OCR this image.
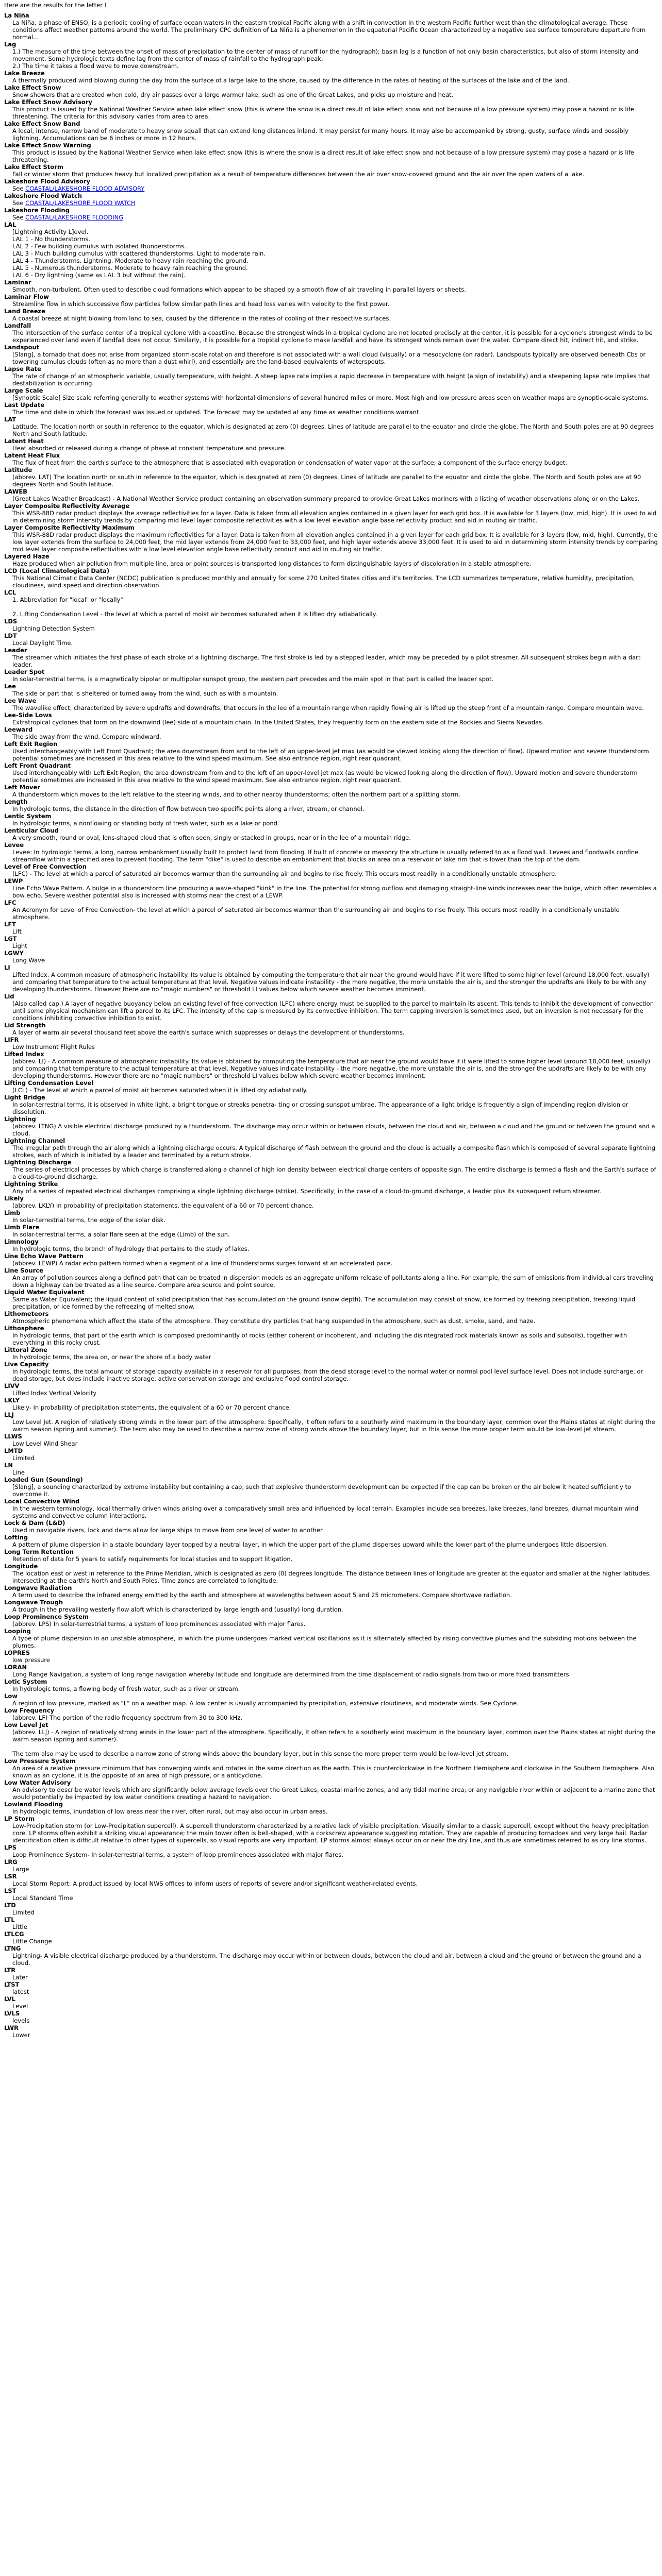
Here are the results for the letter l

La Niña
La Niña, a phase of ENSO, is a periodic cooling of surface ocean waters in the eastern tropical Pacific along with a shift in convection in the western Pacific further west than the climatological average. These conditions affect weather patterns around the world. The preliminary CPC definition of La Niña is a phenomenon in the equatorial Pacific Ocean characterized by a negative sea surface temperature departure from normal...
Lag
1.) The measure of the time between the onset of mass of precipitation to the center of mass of runoff (or the hydrograph); basin lag is a function of not only basin characteristics, but also of storm intensity and movement. Some hydrologic texts define lag from the center of mass of rainfall to the hydrograph peak.
2.) The time it takes a flood wave to move downstream.
Lake Breeze
A thermally produced wind blowing during the day from the surface of a large lake to the shore, caused by the difference in the rates of heating of the surfaces of the lake and of the land.
Lake Effect Snow
Snow showers that are created when cold, dry air passes over a large warmer lake, such as one of the Great Lakes, and picks up moisture and heat.
Lake Effect Snow Advisory
This product is issued by the National Weather Service when lake effect snow (this is where the snow is a direct result of lake effect snow and not because of a low pressure system) may pose a hazard or is life threatening. The criteria for this advisory varies from area to area.
Lake Effect Snow Band
A local, intense, narrow band of moderate to heavy snow squall that can extend long distances inland. It may persist for many hours. It may also be accompanied by strong, gusty, surface winds and possibly lightning. Accumulations can be 6 inches or more in 12 hours.
Lake Effect Snow Warning
This product is issued by the National Weather Service when lake effect snow (this is where the snow is a direct result of lake effect snow and not because of a low pressure system) may pose a hazard or is life threatening.
Lake Effect Storm
Fall or winter storm that produces heavy but localized precipitation as a result of temperature differences between the air over snow-covered ground and the air over the open waters of a lake.
Lakeshore Flood Advisory
See COASTAL/LAKESHORE FLOOD ADVISORY
Lakeshore Flood Watch
See COASTAL/LAKESHORE FLOOD WATCH
Lakeshore Flooding
See COASTAL/LAKESHORE FLOODING
LAL
[Lightning Activity L]evel.
LAL 1 - No thunderstorms.
LAL 2 - Few building cumulus with isolated thunderstorms.
LAL 3 - Much building cumulus with scattered thunderstorms. Light to moderate rain.
LAL 4 - Thunderstorms. Lightning. Moderate to heavy rain reaching the ground.
LAL 5 - Numerous thunderstorms. Moderate to heavy rain reaching the ground.
LAL 6 - Dry lightning (same as LAL 3 but without the rain).
Laminar
Smooth, non-turbulent. Often used to describe cloud formations which appear to be shaped by a smooth flow of air traveling in parallel layers or sheets.
Laminar Flow
Streamline flow in which successive flow particles follow similar path lines and head loss varies with velocity to the first power.
Land Breeze
A coastal breeze at night blowing from land to sea, caused by the difference in the rates of cooling of their respective surfaces.
Landfall
The intersection of the surface center of a tropical cyclone with a coastline. Because the strongest winds in a tropical cyclone are not located precisely at the center, it is possible for a cyclone's strongest winds to be experienced over land even if landfall does not occur. Similarly, it is possible for a tropical cyclone to make landfall and have its strongest winds remain over the water. Compare direct hit, indirect hit, and strike.
Landspout
[Slang], a tornado that does not arise from organized storm-scale rotation and therefore is not associated with a wall cloud (visually) or a mesocyclone (on radar). Landspouts typically are observed beneath Cbs or towering cumulus clouds (often as no more than a dust whirl), and essentially are the land-based equivalents of waterspouts.
Lapse Rate
The rate of change of an atmospheric variable, usually temperature, with height. A steep lapse rate implies a rapid decrease in temperature with height (a sign of instability) and a steepening lapse rate implies that destabilization is occurring.
Large Scale
[Synoptic Scale] Size scale referring generally to weather systems with horizontal dimensions of several hundred miles or more. Most high and low pressure areas seen on weather maps are synoptic-scale systems.
Last Update
The time and date in which the forecast was issued or updated. The forecast may be updated at any time as weather conditions warrant.
LAT
Latitude. The location north or south in reference to the equator, which is designated at zero (0) degrees. Lines of latitude are parallel to the equator and circle the globe. The North and South poles are at 90 degrees North and South latitude.
Latent Heat
Heat absorbed or released during a change of phase at constant temperature and pressure.
Latent Heat Flux
The flux of heat from the earth's surface to the atmosphere that is associated with evaporation or condensation of water vapor at the surface; a component of the surface energy budget.
Latitude
(abbrev. LAT) The location north or south in reference to the equator, which is designated at zero (0) degrees. Lines of latitude are parallel to the equator and circle the globe. The North and South poles are at 90 degrees North and South latitude.
LAWEB
(Great Lakes Weather Broadcast) - A National Weather Service product containing an observation summary prepared to provide Great Lakes mariners with a listing of weather observations along or on the Lakes.
Layer Composite Reflectivity Average
This WSR-88D radar product displays the average reflectivities for a layer. Data is taken from all elevation angles contained in a given layer for each grid box. It is available for 3 layers (low, mid, high). It is used to aid in determining storm intensity trends by comparing mid level layer composite reflectivities with a low level elevation angle base reflectivity product and aid in routing air traffic.
Layer Composite Reflectivity Maximum
This WSR-88D radar product displays the maximum reflectivities for a layer. Data is taken from all elevation angles contained in a given layer for each grid box. It is available for 3 layers (low, mid, high). Currently, the low layer extends from the surface to 24,000 feet, the mid layer extends from 24,000 feet to 33,000 feet, and high layer extends above 33,000 feet. It is used to aid in determining storm intensity trends by comparing mid level layer composite reflectivities with a low level elevation angle base reflectivity product and aid in routing air traffic.
Layered Haze
Haze produced when air pollution from multiple line, area or point sources is transported long distances to form distinguishable layers of discoloration in a stable atmosphere.
LCD (Local Climatological Data)
This National Climatic Data Center (NCDC) publication is produced monthly and annually for some 270 United States cities and it's territories. The LCD summarizes temperature, relative humidity, precipitation, cloudiness, wind speed and direction observation.
LCL
1. Abbreviation for "local" or "locally"

2. Lifting Condensation Level - the level at which a parcel of moist air becomes saturated when it is lifted dry adiabatically.
LDS
Lightning Detection System
LDT
Local Daylight Time.
Leader
The streamer which initiates the first phase of each stroke of a lightning discharge. The first stroke is led by a stepped leader, which may be preceded by a pilot streamer. All subsequent strokes begin with a dart leader.
Leader Spot
In solar-terrestrial terms, is a magnetically bipolar or multipolar sunspot group, the western part precedes and the main spot in that part is called the leader spot.
Lee
The side or part that is sheltered or turned away from the wind, such as with a mountain.
Lee Wave
The wavelike effect, characterized by severe updrafts and downdrafts, that occurs in the lee of a mountain range when rapidly flowing air is lifted up the steep front of a mountain range. Compare mountain wave.
Lee-Side Lows
Extratropical cyclones that form on the downwind (lee) side of a mountain chain. In the United States, they frequently form on the eastern side of the Rockies and Sierra Nevadas.
Leeward
The side away from the wind. Compare windward.
Left Exit Region
Used interchangeably with Left Front Quadrant; the area downstream from and to the left of an upper-level jet max (as would be viewed looking along the direction of flow). Upward motion and severe thunderstorm potential sometimes are increased in this area relative to the wind speed maximum. See also entrance region, right rear quadrant.
Left Front Quadrant
Used interchangeably with Left Exit Region; the area downstream from and to the left of an upper-level jet max (as would be viewed looking along the direction of flow). Upward motion and severe thunderstorm potential sometimes are increased in this area relative to the wind speed maximum. See also entrance region, right rear quadrant.
Left Mover
A thunderstorm which moves to the left relative to the steering winds, and to other nearby thunderstorms; often the northern part of a splitting storm.
Length
In hydrologic terms, the distance in the direction of flow between two specific points along a river, stream, or channel.
Lentic System
In hydrologic terms, a nonflowing or standing body of fresh water, such as a lake or pond
Lenticular Cloud
A very smooth, round or oval, lens-shaped cloud that is often seen, singly or stacked in groups, near or in the lee of a mountain ridge.
Levee
Levee: In hydrologic terms, a long, narrow embankment usually built to protect land from flooding. If built of concrete or masonry the structure is usually referred to as a flood wall. Levees and floodwalls confine streamflow within a specified area to prevent flooding. The term "dike" is used to describe an embankment that blocks an area on a reservoir or lake rim that is lower than the top of the dam.
Level of Free Convection
(LFC) - The level at which a parcel of saturated air becomes warmer than the surrounding air and begins to rise freely. This occurs most readily in a conditionally unstable atmosphere.
LEWP
Line Echo Wave Pattern. A bulge in a thunderstorm line producing a wave-shaped "kink" in the line. The potential for strong outflow and damaging straight-line winds increases near the bulge, which often resembles a bow echo. Severe weather potential also is increased with storms near the crest of a LEWP.
LFC
An Acronym for Level of Free Convection- the level at which a parcel of saturated air becomes warmer than the surrounding air and begins to rise freely. This occurs most readily in a conditionally unstable atmosphere.
LFT
Lift
LGT
Light
LGWY
Long Wave
LI
Lifted Index. A common measure of atmospheric instability. Its value is obtained by computing the temperature that air near the ground would have if it were lifted to some higher level (around 18,000 feet, usually) and comparing that temperature to the actual temperature at that level. Negative values indicate instability - the more negative, the more unstable the air is, and the stronger the updrafts are likely to be with any developing thunderstorms. However there are no "magic numbers" or threshold LI values below which severe weather becomes imminent.
Lid
(Also called cap.) A layer of negative buoyancy below an existing level of free convection (LFC) where energy must be supplied to the parcel to maintain its ascent. This tends to inhibit the development of convection until some physical mechanism can lift a parcel to its LFC. The intensity of the cap is measured by its convective inhibition. The term capping inversion is sometimes used, but an inversion is not necessary for the conditions inhibiting convective inhibition to exist.
Lid Strength
A layer of warm air several thousand feet above the earth's surface which suppresses or delays the development of thunderstorms.
LIFR
Low Instrument Flight Rules
Lifted Index
(abbrev. LI) - A common measure of atmospheric instability. Its value is obtained by computing the temperature that air near the ground would have if it were lifted to some higher level (around 18,000 feet, usually) and comparing that temperature to the actual temperature at that level. Negative values indicate instability - the more negative, the more unstable the air is, and the stronger the updrafts are likely to be with any developing thunderstorms. However there are no "magic numbers" or threshold LI values below which severe weather becomes imminent.
Lifting Condensation Level
(LCL) - The level at which a parcel of moist air becomes saturated when it is lifted dry adiabatically.
Light Bridge
In solar-terrestrial terms, it is observed in white light, a bright tongue or streaks penetra- ting or crossing sunspot umbrae. The appearance of a light bridge is frequently a sign of impending region division or dissolution.
Lightning
(abbrev. LTNG) A visible electrical discharge produced by a thunderstorm. The discharge may occur within or between clouds, between the cloud and air, between a cloud and the ground or between the ground and a cloud.
Lightning Channel
The irregular path through the air along which a lightning discharge occurs. A typical discharge of flash between the ground and the cloud is actually a composite flash which is composed of several separate lightning strokes, each of which is initiated by a leader and terminated by a return stroke.
Lightning Discharge
The series of electrical processes by which charge is transferred along a channel of high ion density between electrical charge centers of opposite sign. The entire discharge is termed a flash and the Earth's surface of a cloud-to-ground discharge.
Lightning Strike
Any of a series of repeated electrical discharges comprising a single lightning discharge (strike). Specifically, in the case of a cloud-to-ground discharge, a leader plus its subsequent return streamer.
Likely
(abbrev. LKLY) In probability of precipitation statements, the equivalent of a 60 or 70 percent chance.
Limb
In solar-terrestrial terms, the edge of the solar disk.
Limb Flare
In solar-terrestrial terms, a solar flare seen at the edge (Limb) of the sun.
Limnology
In hydrologic terms, the branch of hydrology that pertains to the study of lakes.
Line Echo Wave Pattern
(abbrev. LEWP) A radar echo pattern formed when a segment of a line of thunderstorms surges forward at an accelerated pace.
Line Source
An array of pollution sources along a defined path that can be treated in dispersion models as an aggregate uniform release of pollutants along a line. For example, the sum of emissions from individual cars traveling down a highway can be treated as a line source. Compare area source and point source.
Liquid Water Equivalent
Same as Water Equivalent; the liquid content of solid precipitation that has accumulated on the ground (snow depth). The accumulation may consist of snow, ice formed by freezing precipitation, freezing liquid precipitation, or ice formed by the refreezing of melted snow.
Lithometeors
Atmospheric phenomena which affect the state of the atmosphere. They constitute dry particles that hang suspended in the atmosphere, such as dust, smoke, sand, and haze.
Lithosphere
In hydrologic terms, that part of the earth which is composed predominantly of rocks (either coherent or incoherent, and including the disintegrated rock materials known as soils and subsoils), together with everything in this rocky crust.
Littoral Zone
In hydrologic terms, the area on, or near the shore of a body water
Live Capacity
In hydrologic terms, the total amount of storage capacity available in a reservoir for all purposes, from the dead storage level to the normal water or normal pool level surface level. Does not include surcharge, or dead storage, but does include inactive storage, active conservation storage and exclusive flood control storage.
LIVV
Lifted Index Vertical Velocity
LKLY
Likely- In probability of precipitation statements, the equivalent of a 60 or 70 percent chance.
LLJ
Low Level Jet. A region of relatively strong winds in the lower part of the atmosphere. Specifically, it often refers to a southerly wind maximum in the boundary layer, common over the Plains states at night during the warm season (spring and summer). The term also may be used to describe a narrow zone of strong winds above the boundary layer, but in this sense the more proper term would be low-level jet stream.
LLWS
Low Level Wind Shear
LMTD
Limited
LN
Line
Loaded Gun (Sounding)
[Slang], a sounding characterized by extreme instability but containing a cap, such that explosive thunderstorm development can be expected if the cap can be broken or the air below it heated sufficiently to overcome it.
Local Convective Wind
In the western terminology, local thermally driven winds arising over a comparatively small area and influenced by local terrain. Examples include sea breezes, lake breezes, land breezes, diurnal mountain wind systems and convective column interactions.
Lock & Dam (L&D)
Used in navigable rivers, lock and dams allow for large ships to move from one level of water to another.
Lofting
A pattern of plume dispersion in a stable boundary layer topped by a neutral layer, in which the upper part of the plume disperses upward while the lower part of the plume undergoes little dispersion.
Long Term Retention
Retention of data for 5 years to satisfy requirements for local studies and to support litigation.
Longitude
The location east or west in reference to the Prime Meridian, which is designated as zero (0) degrees longitude. The distance between lines of longitude are greater at the equator and smaller at the higher latitudes, intersecting at the earth's North and South Poles. Time zones are correlated to longitude.
Longwave Radiation
A term used to describe the infrared energy emitted by the earth and atmosphere at wavelengths between about 5 and 25 micrometers. Compare shortwave radiation.
Longwave Trough
A trough in the prevailing westerly flow aloft which is characterized by large length and (usually) long duration.
Loop Prominence System
(abbrev. LPS) In solar-terrestrial terms, a system of loop prominences associated with major flares.
Looping
A type of plume dispersion in an unstable atmosphere, in which the plume undergoes marked vertical oscillations as it is alternately affected by rising convective plumes and the subsiding motions between the plumes.
LOPRES
low pressure
LORAN
Long Range Navigation, a system of long range navigation whereby latitude and longitude are determined from the time displacement of radio signals from two or more fixed transmitters.
Lotic System
In hydrologic terms, a flowing body of fresh water, such as a river or stream.
Low
A region of low pressure, marked as "L" on a weather map. A low center is usually accompanied by precipitation, extensive cloudiness, and moderate winds. See Cyclone.
Low Frequency
(abbrev. LF) The portion of the radio frequency spectrum from 30 to 300 kHz.
Low Level Jet
(abbrev. LLJ) - A region of relatively strong winds in the lower part of the atmosphere. Specifically, it often refers to a southerly wind maximum in the boundary layer, common over the Plains states at night during the warm season (spring and summer).

The term also may be used to describe a narrow zone of strong winds above the boundary layer, but in this sense the more proper term would be low-level jet stream.
Low Pressure System
An area of a relative pressure minimum that has converging winds and rotates in the same direction as the earth. This is counterclockwise in the Northern Hemisphere and clockwise in the Southern Hemisphere. Also known as an cyclone, it is the opposite of an area of high pressure, or a anticyclone.
Low Water Advisory
An advisory to describe water levels which are significantly below average levels over the Great Lakes, coastal marine zones, and any tidal marine area; or any navigable river within or adjacent to a marine zone that would potentially be impacted by low water conditions creating a hazard to navigation.
Lowland Flooding
In hydrologic terms, inundation of low areas near the river, often rural, but may also occur in urban areas.
LP Storm
Low-Precipitation storm (or Low-Precipitation supercell). A supercell thunderstorm characterized by a relative lack of visible precipitation. Visually similar to a classic supercell, except without the heavy precipitation core. LP storms often exhibit a striking visual appearance; the main tower often is bell-shaped, with a corkscrew appearance suggesting rotation. They are capable of producing tornadoes and very large hail. Radar identification often is difficult relative to other types of supercells, so visual reports are very important. LP storms almost always occur on or near the dry line, and thus are sometimes referred to as dry line storms.
LPS
Loop Prominence System- In solar-terrestrial terms, a system of loop prominences associated with major flares.
LRG
Large
LSR
Local Storm Report: A product issued by local NWS offices to inform users of reports of severe and/or significant weather-related events.
LST
Local Standard Time
LTD
Limited
LTL
Little
LTLCG
Little Change
LTNG
Lightning- A visible electrical discharge produced by a thunderstorm. The discharge may occur within or between clouds, between the cloud and air, between a cloud and the ground or between the ground and a cloud.
LTR
Later
LTST
latest
LVL
Level
LVLS
levels
LWR
Lower
